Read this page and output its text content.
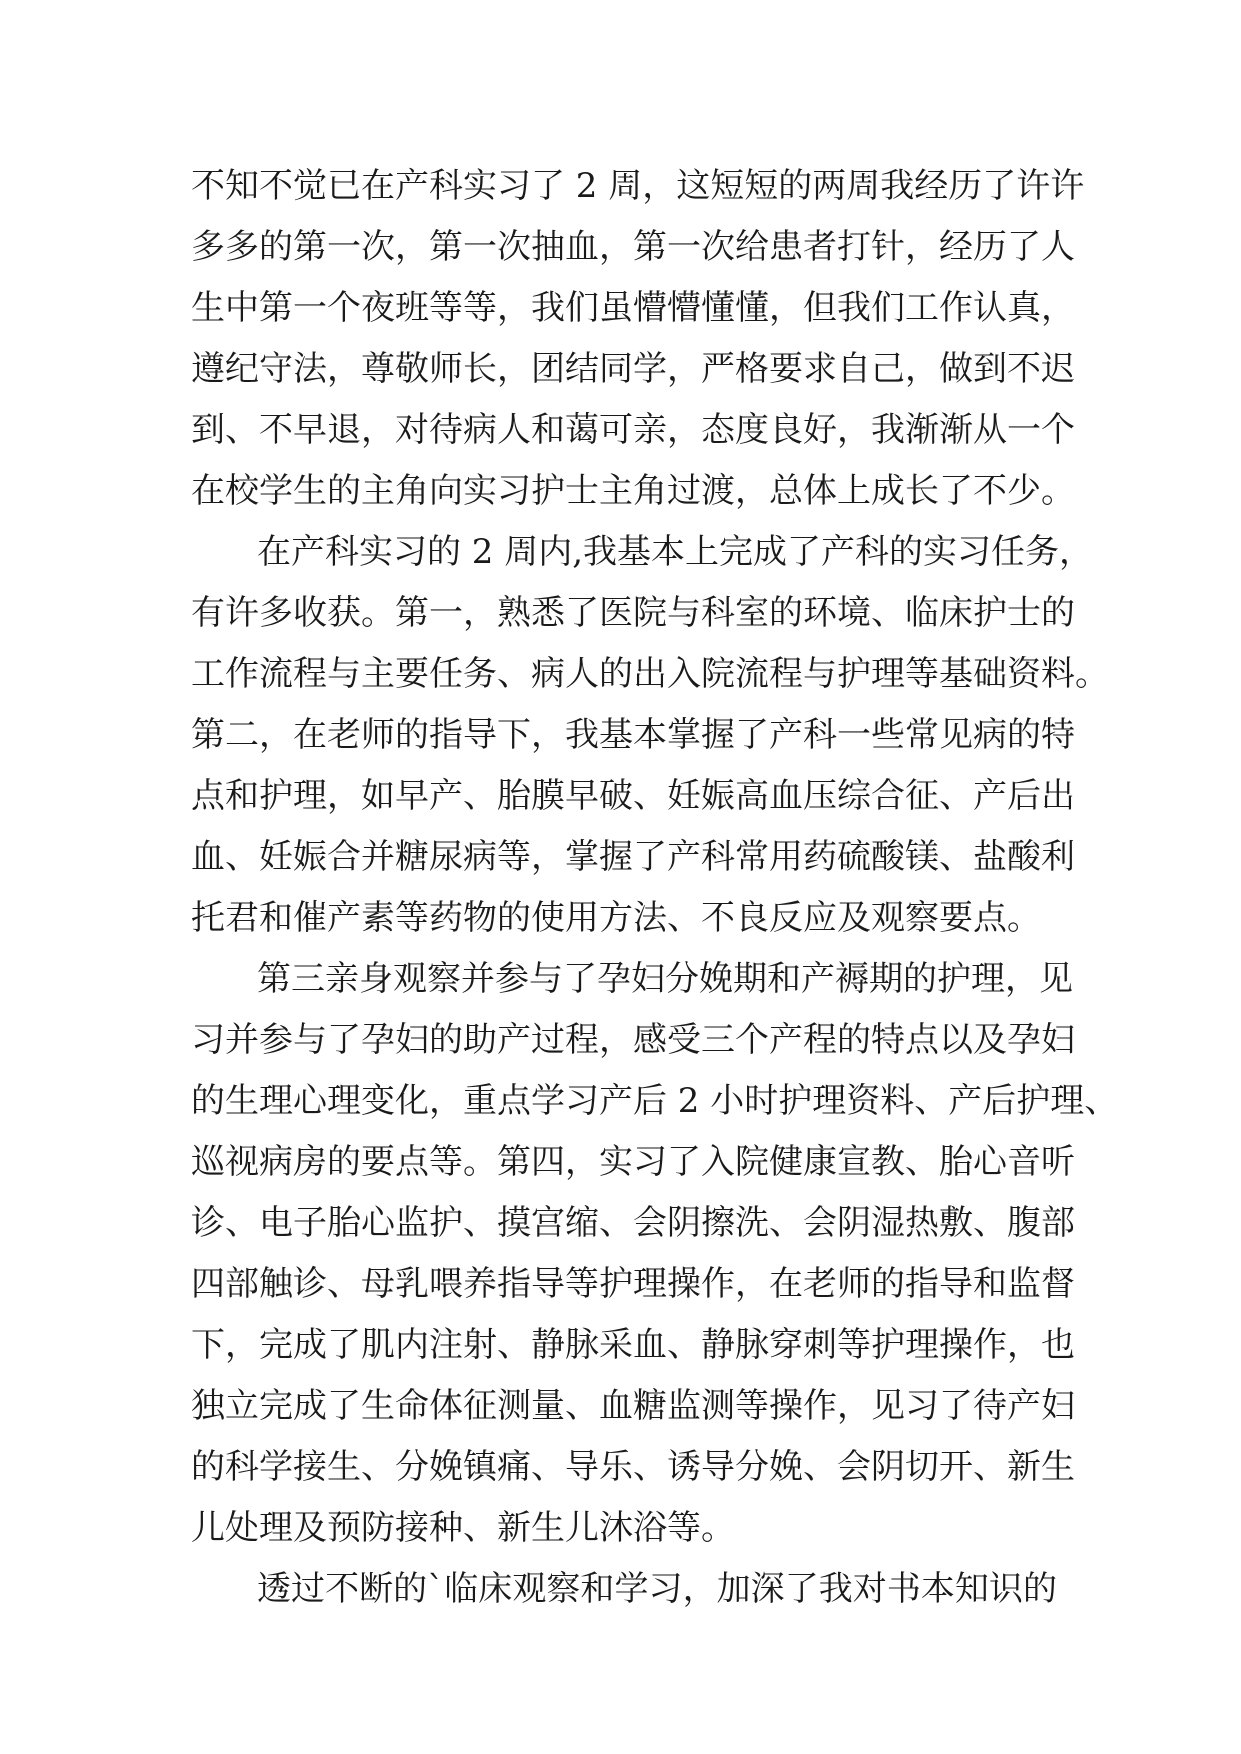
不知不觉已在产科实习了 2 周，这短短的两周我经历了许许
多多的第一次，第一次抽血，第一次给患者打针，经历了人
生中第一个夜班等等，我们虽懵懵懂懂，但我们工作认真，
遵纪守法，尊敬师长，团结同学，严格要求自己，做到不迟
到、不早退，对待病人和蔼可亲，态度良好，我渐渐从一个
在校学生的主角向实习护士主角过渡，总体上成长了不少。
在产科实习的 2 周内,我基本上完成了产科的实习任务，
有许多收获。第一，熟悉了医院与科室的环境、临床护士的
工作流程与主要任务、病人的出入院流程与护理等基础资料。
第二，在老师的指导下，我基本掌握了产科一些常见病的特
点和护理，如早产、胎膜早破、妊娠高血压综合征、产后出
血、妊娠合并糖尿病等，掌握了产科常用药硫酸镁、盐酸利
托君和催产素等药物的使用方法、不良反应及观察要点。
第三亲身观察并参与了孕妇分娩期和产褥期的护理，见
习并参与了孕妇的助产过程，感受三个产程的特点以及孕妇
的生理心理变化，重点学习产后 2 小时护理资料、产后护理、
巡视病房的要点等。第四，实习了入院健康宣教、胎心音听
诊、电子胎心监护、摸宫缩、会阴擦洗、会阴湿热敷、腹部
四部触诊、母乳喂养指导等护理操作，在老师的指导和监督
下，完成了肌内注射、静脉采血、静脉穿刺等护理操作，也
独立完成了生命体征测量、血糖监测等操作，见习了待产妇
的科学接生、分娩镇痛、导乐、诱导分娩、会阴切开、新生
儿处理及预防接种、新生儿沐浴等。
透过不断的`临床观察和学习，加深了我对书本知识的
